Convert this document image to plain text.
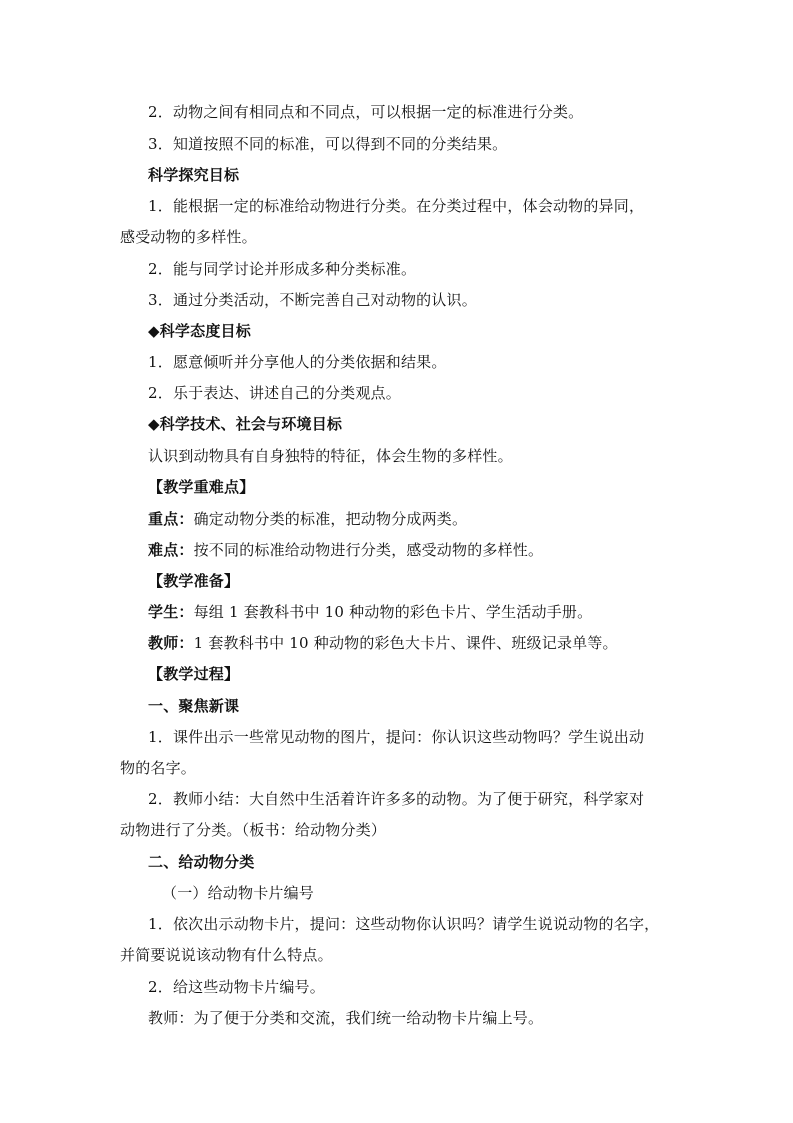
2．动物之间有相同点和不同点，可以根据一定的标准进行分类。
3．知道按照不同的标准，可以得到不同的分类结果。
科学探究目标
1．能根据一定的标准给动物进行分类。在分类过程中，体会动物的异同，
感受动物的多样性。
2．能与同学讨论并形成多种分类标准。
3．通过分类活动，不断完善自己对动物的认识。
◆科学态度目标
1．愿意倾听并分享他人的分类依据和结果。
2．乐于表达、讲述自己的分类观点。
◆科学技术、社会与环境目标
认识到动物具有自身独特的特征，体会生物的多样性。
【教学重难点】
重点：确定动物分类的标准，把动物分成两类。
难点：按不同的标准给动物进行分类，感受动物的多样性。
【教学准备】
学生：每组 1 套教科书中 10 种动物的彩色卡片、学生活动手册。
教师：1 套教科书中 10 种动物的彩色大卡片、课件、班级记录单等。
【教学过程】
一、聚焦新课
1．课件出示一些常见动物的图片，提问：你认识这些动物吗？学生说出动
物的名字。
2．教师小结：大自然中生活着许许多多的动物。为了便于研究，科学家对
动物进行了分类。（板书：给动物分类）
二、给动物分类
（一）给动物卡片编号
1．依次出示动物卡片，提问：这些动物你认识吗？请学生说说动物的名字，
并简要说说该动物有什么特点。
2．给这些动物卡片编号。
教师：为了便于分类和交流，我们统一给动物卡片编上号。
